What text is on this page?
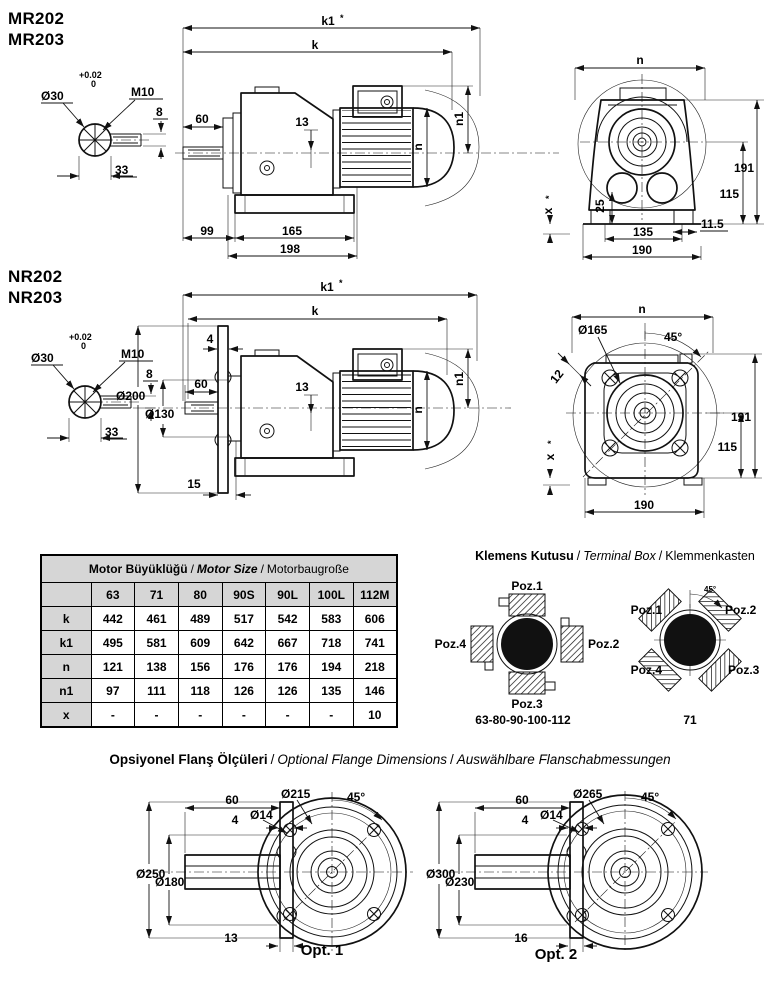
MR202
MR203
+0.02
0
Ø30	M10
8
33
k1 *
k
60	13
n
n1
99	165
198
n
191
115
25
x
*
135
11.5
190
NR202
NR203
+0.02
0
Ø30	M10
8
33
k1 *
k
4
Ø200
Ø130
60	13
15
n
n1
n
Ø165	45°
12
191
115
x
*
190
Motor Büyüklüğü / Motor Size / Motorbaugroße							
	63	71	80	90S	90L	100L	112M
k	442	461	489	517	542	583	606
k1	495	581	609	642	667	718	741
n	121	138	156	176	176	194	218
n1	97	111	118	126	126	135	146
x	-	-	-	-	-	-	10
Klemens Kutusu / Terminal Box / Klemmenkasten
Poz.1
Poz.2
Poz.3
Poz.4
63-80-90-100-112
45°
Poz.1	Poz.2
Poz.3
Poz.4
71
Opsiyonel Flanş Ölçüleri / Optional Flange Dimensions / Auswählbare Flanschabmessungen
Ø250
Ø180
60
4
13
Ø215
Ø14
45°
Opt. 1
Ø300
Ø230
60
4
16
Ø265
Ø14
45°
Opt. 2
